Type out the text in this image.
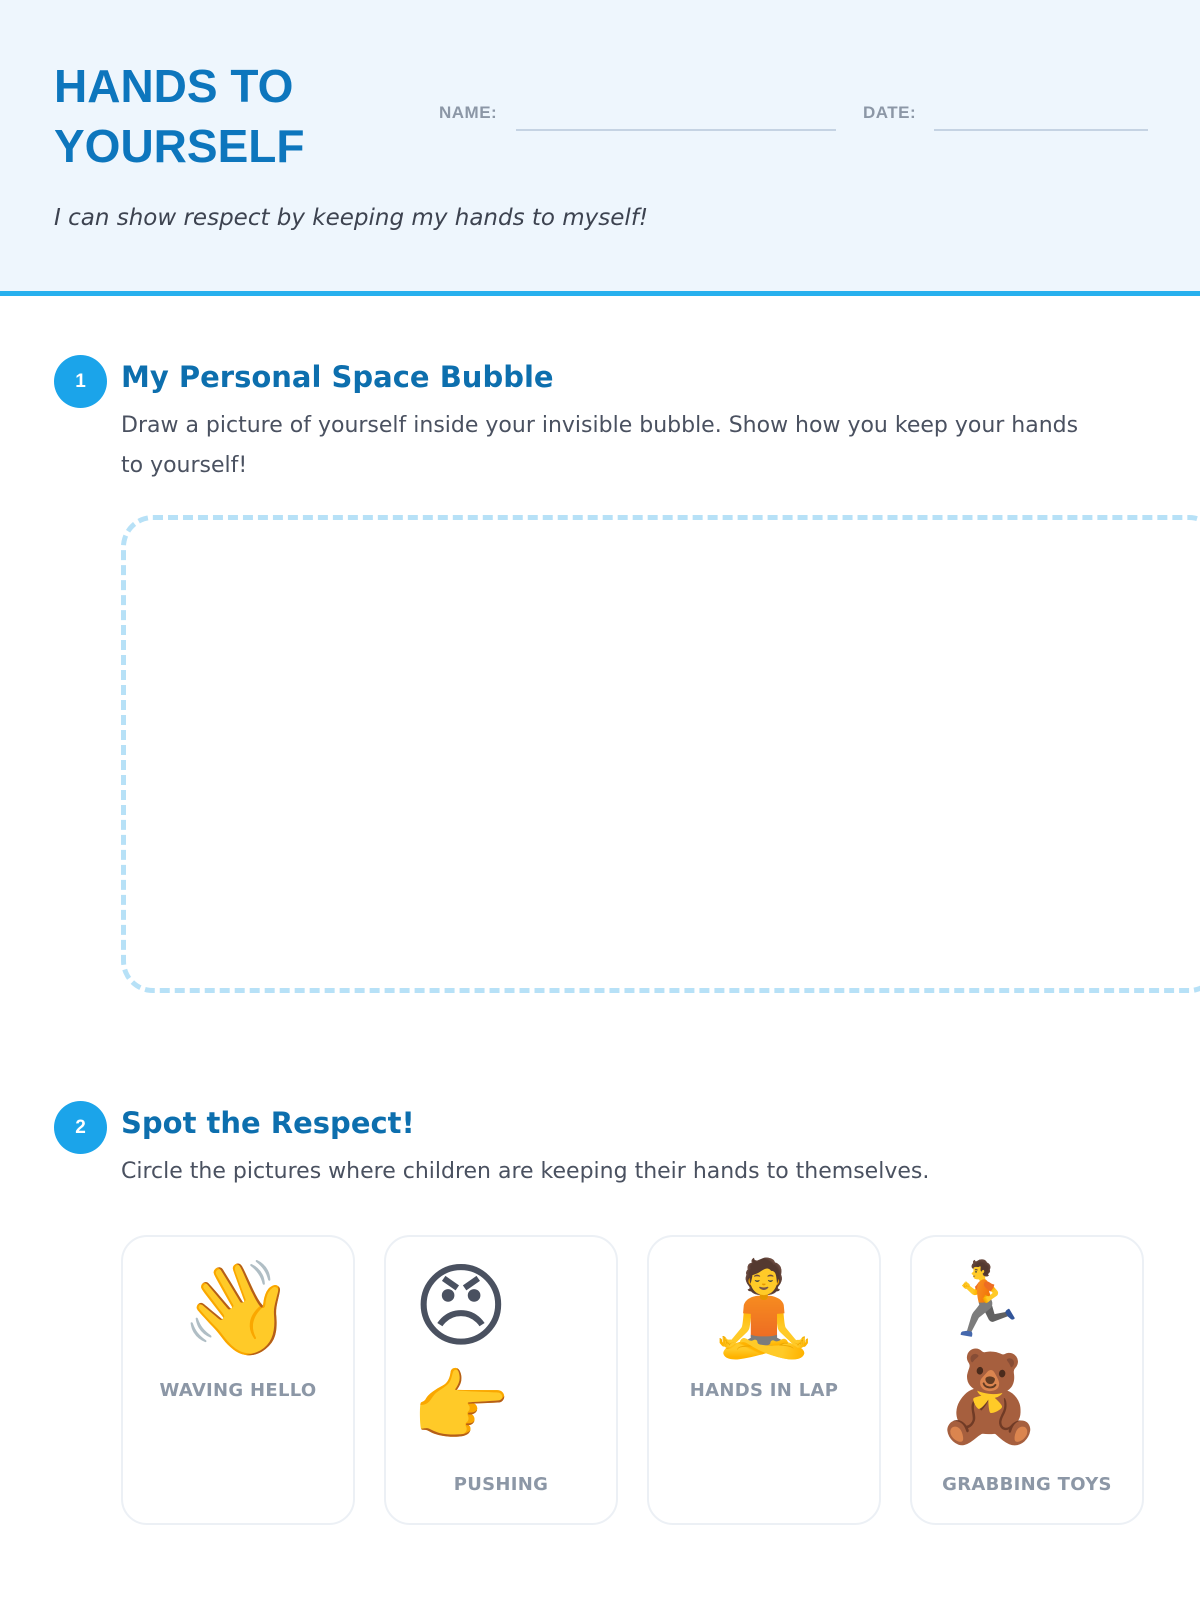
HANDS TO
YOURSELF
NAME:	DATE:
I can show respect by keeping my hands to myself!
1	My Personal Space Bubble
Draw a picture of yourself inside your invisible bubble. Show how you keep your hands to yourself!
2	Spot the Respect!
Circle the pictures where children are keeping their hands to themselves.
👋
WAVING HELLO
😠
👉
PUSHING
🧘
HANDS IN LAP
🏃
🧸
GRABBING TOYS
